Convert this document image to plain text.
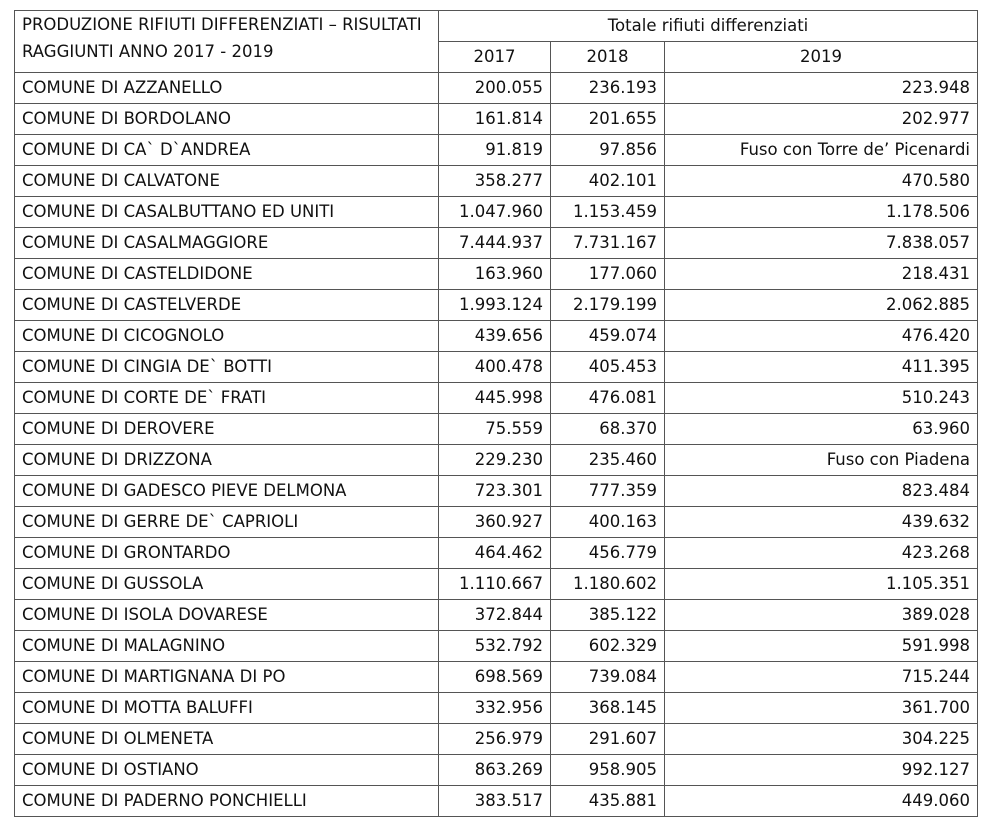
PRODUZIONE RIFIUTI DIFFERENZIATI – RISULTATI RAGGIUNTI ANNO 2017 - 2019	Totale rifiuti differenziati		
	2017	2018	2019
COMUNE DI AZZANELLO	200.055	236.193	223.948
COMUNE DI BORDOLANO	161.814	201.655	202.977
COMUNE DI CA` D`ANDREA	91.819	97.856	Fuso con Torre de’ Picenardi
COMUNE DI CALVATONE	358.277	402.101	470.580
COMUNE DI CASALBUTTANO ED UNITI	1.047.960	1.153.459	1.178.506
COMUNE DI CASALMAGGIORE	7.444.937	7.731.167	7.838.057
COMUNE DI CASTELDIDONE	163.960	177.060	218.431
COMUNE DI CASTELVERDE	1.993.124	2.179.199	2.062.885
COMUNE DI CICOGNOLO	439.656	459.074	476.420
COMUNE DI CINGIA DE` BOTTI	400.478	405.453	411.395
COMUNE DI CORTE DE` FRATI	445.998	476.081	510.243
COMUNE DI DEROVERE	75.559	68.370	63.960
COMUNE DI DRIZZONA	229.230	235.460	Fuso con Piadena
COMUNE DI GADESCO PIEVE DELMONA	723.301	777.359	823.484
COMUNE DI GERRE DE` CAPRIOLI	360.927	400.163	439.632
COMUNE DI GRONTARDO	464.462	456.779	423.268
COMUNE DI GUSSOLA	1.110.667	1.180.602	1.105.351
COMUNE DI ISOLA DOVARESE	372.844	385.122	389.028
COMUNE DI MALAGNINO	532.792	602.329	591.998
COMUNE DI MARTIGNANA DI PO	698.569	739.084	715.244
COMUNE DI MOTTA BALUFFI	332.956	368.145	361.700
COMUNE DI OLMENETA	256.979	291.607	304.225
COMUNE DI OSTIANO	863.269	958.905	992.127
COMUNE DI PADERNO PONCHIELLI	383.517	435.881	449.060
